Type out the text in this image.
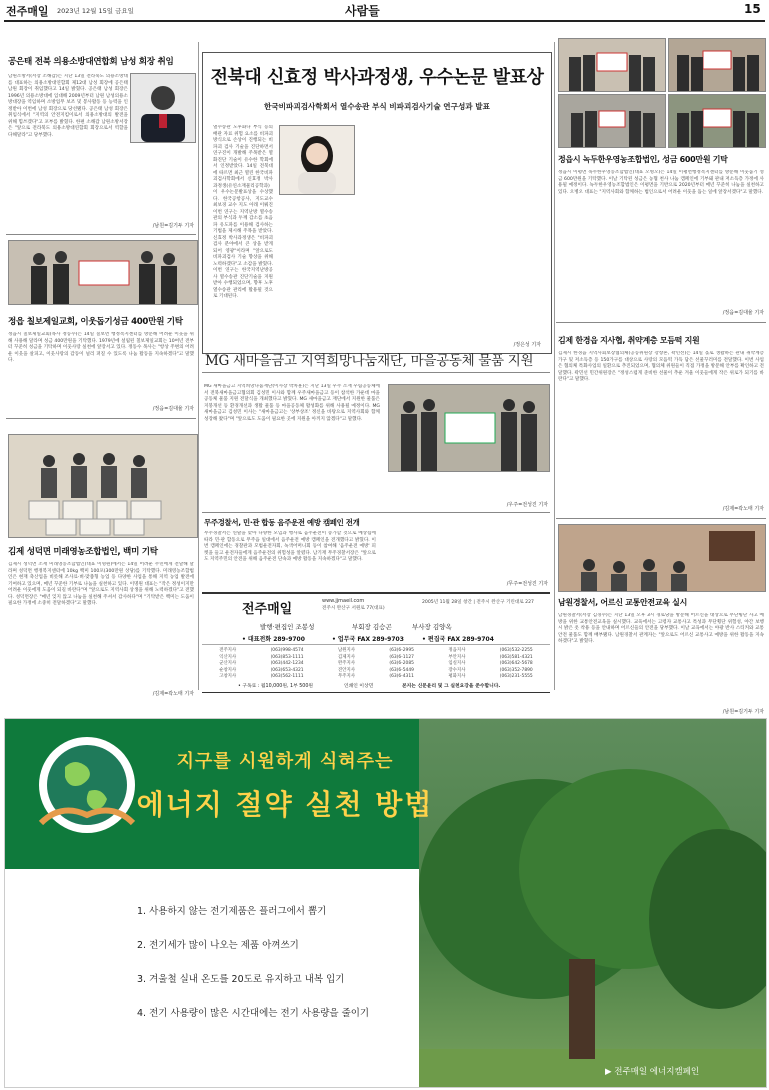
전주매일 2023년 12월 15일 금요일	사람들	15
공은태 전북 의용소방대연합회 남성 회장 취임
남원소방서(서장 소해갑)는 지난 13일 전라북도 의용소방대를 대표하는 의용소방대연합회 제12대 남성 회장에 공은태 남원 회장이 취임했다고 14일 밝혔다. 공은태 남성 회장은 1996년 의용소방대에 입대해 2009년부터 남원 남성의용소방대장을 역임하며 소방업무 보조 및 봉사활동 등 능력을 인정받아 이번에 남성 회장으로 당선됐다. 공은태 남성 회장은 취임식에서 "지역의 안전지킴이로서 의용소방대의 발전을 위해 힘쓰겠다"고 포부를 밝혔다. 한편 소해갑 남원소방서장은 "앞으로 전라북도 의용소방대연합회 회장으로서 역할을 다해달라"고 당부했다.
/남원=김기두 기자
정읍 칠보제일교회, 이웃돕기성금 400만원 기탁
정읍시 칠보제일교회(목사 정동수)는 14일 칠보면 행정복지센터를 방문해 어려운 이웃을 위해 사용해 달라며 성금 400만원을 기탁했다. 1979년에 설립된 칠보제일교회는 10여년 전부터 꾸준히 성금을 기탁하며 이웃사랑 실천에 앞장서고 있다. 정동수 목사는 "항상 주변의 어려운 이웃을 살피고, 이웃사랑의 감동이 널리 퍼질 수 있도록 나눔 활동을 지속하겠다"고 말했다.
/정읍=김대율 기자
김제 성덕면 미래영농조합법인, 백미 기탁
김제시 성덕면 소재 미래영농조합법인(대표 이명원)에서는 14일 어려운 주민에게 전달해 달라며 성덕면 행정복지센터에 10kg 백미 100포(300만원 상당)를 기탁했다. 미래영농조합법인은 현재 축산업을 비롯해 조사료·벼·맞춤형 농업 등 다양한 사업을 통해 지역 농업 발전에 기여하고 있으며, 매년 꾸준한 기부로 나눔을 실천하고 있다. 이명원 대표는 "작은 정성이지만 어려운 이웃에게 도움이 되길 바란다"며 "앞으로도 지역사회 상생을 위해 노력하겠다"고 전했다. 성덕면장은 "매년 잊지 않고 나눔을 실천해 주셔서 감사하다"며 "기탁받은 백미는 도움이 필요한 가정에 소중히 전달하겠다"고 말했다.
/김제=곽노태 기자
전북대 신효정 박사과정생, 우수논문 발표상
한국비파괴검사학회서 열수송관 부식 비파괴검사기술 연구성과 발표
열수송관 노후화나 부식 등의 배관 자료 위험 요소를 비파괴 방식으로 손상이 진행되는 비파괴 검사 기술을 진단하면서 연구진이 개발해 주목받은 열화진단 기술이 유수한 학회에서 인정받았다. 14일 전북대에 따르면 최근 열린 한국비파괴검사학회에서 신효정 박사과정생(유연소재물리공학과)이 우수논문발표상을 수상했다. 한국공항공사, 지도교수 최보경 교수 지도 아래 이뤄진 이번 연구는 지역난방 열수송관의 부식과 두께 감소를 초음파 유도파를 이용해 검사하는 기법을 제시해 주목을 받았다. 신효정 박사과정생은 "비파괴검사 분야에서 큰 상을 받게 되어 영광"이라며 "앞으로도 비파괴검사 기술 향상을 위해 노력하겠다"고 소감을 밝혔다. 이번 연구는 한국지역난방공사 열수송관 진단기술을 지원받아 수행되었으며, 향후 노후 열수송관 관리에 활용될 것으로 기대된다.
/정은성 기자
MG 새마을금고 지역희망나눔재단, 마을공동체 물품 지원
MG 새마을금고 지역희망나눔재단(이사장 박차훈)은 지난 13일 우주 소재 우림공동체에서 전북새마을금고협의회 김성민 이사와 함께 우주새마을금고 등이 참석한 가운데 마을공동체 물품 지원 전달식을 개최했다고 밝혔다. MG 새마을금고 재단에서 지원한 물품은 지붕개선 등 환경개선과 생활 물품 등 마을공동체 활성화를 위해 사용될 예정이다. MG 새마을금고 김성민 이사는 "새마을금고는 '상부상조' 정신을 바탕으로 지역사회와 함께 성장해 왔다"며 "앞으로도 도움이 필요한 곳에 지원을 아끼지 않겠다"고 말했다.
/우주=전성진 기자
무주경찰서, 민·관 합동 음주운전 예방 캠페인 전개
무주경찰서는 연말을 맞아 다양한 모임과 행사로 음주운전이 증가할 것으로 예상됨에 따라 민·관 합동으로 무주읍 일대에서 음주운전 예방 캠페인을 전개했다고 밝혔다. 이번 캠페인에는 경찰관과 모범운전자회, 녹색어머니회 등이 참여해 '음주운전 예방' 피켓을 들고 운전자들에게 음주운전의 위험성을 알렸다. 남기재 무주경찰서장은 "앞으로도 지역주민의 안전을 위해 음주운전 단속과 예방 활동을 지속하겠다"고 말했다.
/무주=전성진 기자
전주매일
www.jjmaeil.com
전주시 완산구 서원로 77(대표)
2005년 11월 28일 창간 | 전주시 완산구 기린대로 227
발행·편집인 조봉성	부회장 김승곤	부사장 김양옥
• 대표전화 289-9700	• 업무국 FAX 289-9703	• 편집국 FAX 289-9704
전주지사	(063)998-4574	남원지사	(63)6-2995	정읍지사	(063)532-2255
익산지사	(063)853-1111	김제지사	(63)6-1127	부안지사	(063)581-4321
군산지사	(063)442-1234	완주지사	(63)6-2085	임실지사	(063)642-5678
순창지사	(063)653-4321	진안지사	(63)6-5449	장수지사	(063)352-7890
고창지사	(063)562-1111	무주지사	(63)6-4311	평화지사	(063)231-5555
• 구독료 : 월10,000원, 1부 500원	인쇄인 이상민	본지는 신문윤리 및 그 실천요강을 준수합니다.
정읍시 녹두한우영농조합법인, 성금 600만원 기탁
정읍시 이평면 녹두한우영농조합법인(대표 오병오)은 14일 이평면행정복지센터를 방문해 이웃돕기 성금 600만원을 기탁했다. 이날 기탁된 성금은 농협 천사 나눔 캠페인에 기부돼 관내 저소득층 가정에 사용될 예정이다. 녹두한우영농조합법인은 이평면을 기반으로 2020년부터 매년 꾸준히 나눔을 실천하고 있다. 오병오 대표는 "지역사회와 함께하는 법인으로서 어려운 이웃을 돕는 일에 앞장서겠다"고 말했다.
/정읍=김대율 기자
김제 한경읍 지사협, 취약계층 모듬떡 지원
김제시 한경읍 지역사회보장협의체(공동위원장 강창흔, 곽민선)는 14일 홀로 생활하는 관내 취약계층 가구 및 저소득층 등 150가구를 대상으로 사랑의 모듬떡 가득 담은 선물꾸러미를 전달했다. 이번 사업은 협의체 특화사업의 일환으로 추진되었으며, 협의체 위원들이 직접 가정을 방문해 안부를 확인하고 전달했다. 곽민선 민간위원장은 "정성스럽게 준비한 선물이 추운 겨울 이웃들에게 작은 위로가 되기를 바란다"고 말했다.
/김제=곽노태 기자
남원경찰서, 어르신 교통안전교육 실시
남원경찰서(서장 김경수)는 지난 13일 오후 3시 경로당을 방문해 어르신을 대상으로 무단횡단 사고 예방을 위한 교통안전교육을 실시했다. 교육에서는 고령자 교통사고 특성과 무단횡단 위험성, 야간 보행 시 밝은 옷 착용 등을 안내하며 어르신들의 안전을 당부했다. 이날 교육에서는 야광 반사 스티커와 교통안전 물품도 함께 배부됐다. 남원경찰서 관계자는 "앞으로도 어르신 교통사고 예방을 위한 활동을 지속하겠다"고 밝혔다.
/남원=김기두 기자
지구를 시원하게 식혀주는
에너지 절약 실천 방법
1. 사용하지 않는 전기제품은 플러그에서 뽑기
2. 전기세가 많이 나오는 제품 아껴쓰기
3. 겨울철 실내 온도를 20도로 유지하고 내복 입기
4. 전기 사용량이 많은 시간대에는 전기 사용량을 줄이기
▶ 전주매일 에너지캠페인
